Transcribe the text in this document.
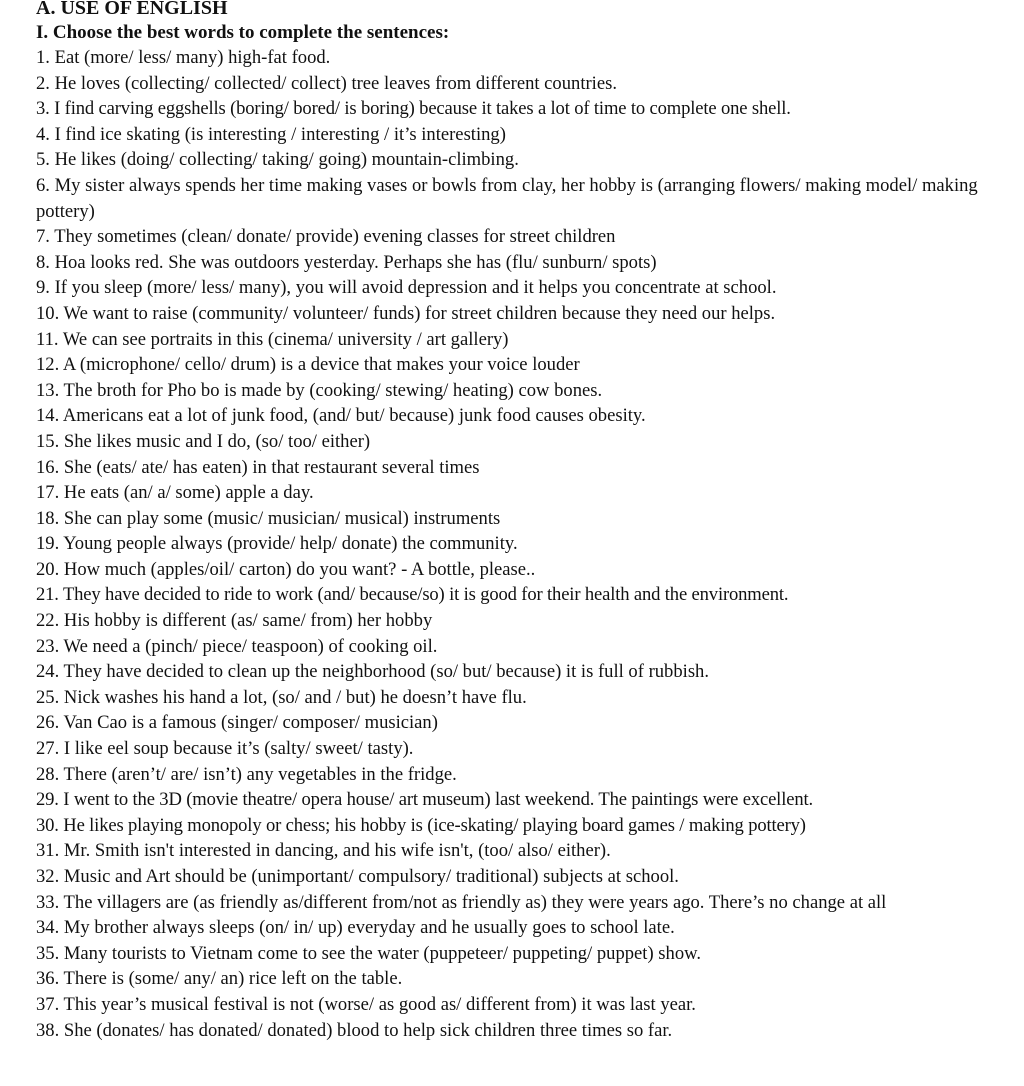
A. USE OF ENGLISH
I. Choose the best words to complete the sentences:
1. Eat (more/ less/ many) high-fat food.
2. He loves (collecting/ collected/ collect) tree leaves from different countries.
3. I find carving eggshells (boring/ bored/ is boring) because it takes a lot of time to complete one shell.
4. I find ice skating (is interesting / interesting / it’s interesting)
5. He likes (doing/ collecting/ taking/ going) mountain-climbing.
6. My sister always spends her time making vases or bowls from clay, her hobby is (arranging flowers/ making model/ making pottery)
7. They sometimes (clean/ donate/ provide) evening classes for street children
8. Hoa looks red. She was outdoors yesterday. Perhaps she has (flu/ sunburn/ spots)
9. If you sleep (more/ less/ many), you will avoid depression and it helps you concentrate at school.
10. We want to raise (community/ volunteer/ funds) for street children because they need our helps.
11. We can see portraits in this (cinema/ university / art gallery)
12. A (microphone/ cello/ drum) is a device that makes your voice louder
13. The broth for Pho bo is made by (cooking/ stewing/ heating) cow bones.
14. Americans eat a lot of junk food, (and/ but/ because) junk food causes obesity.
15. She likes music and I do, (so/ too/ either)
16. She (eats/ ate/ has eaten) in that restaurant several times
17. He eats (an/ a/ some) apple a day.
18. She can play some (music/ musician/ musical) instruments
19. Young people always (provide/ help/ donate) the community.
20. How much (apples/oil/ carton) do you want? - A bottle, please..
21. They have decided to ride to work (and/ because/so) it is good for their health and the environment.
22. His hobby is different (as/ same/ from) her hobby
23. We need a (pinch/ piece/ teaspoon) of cooking oil.
24. They have decided to clean up the neighborhood (so/ but/ because) it is full of rubbish.
25. Nick washes his hand a lot, (so/ and / but) he doesn’t have flu.
26. Van Cao is a famous (singer/ composer/ musician)
27. I like eel soup because it’s (salty/ sweet/ tasty).
28. There (aren’t/ are/ isn’t) any vegetables in the fridge.
29. I went to the 3D (movie theatre/ opera house/ art museum) last weekend. The paintings were excellent.
30. He likes playing monopoly or chess; his hobby is (ice-skating/ playing board games / making pottery)
31. Mr. Smith isn't interested in dancing, and his wife isn't, (too/ also/ either).
32. Music and Art should be (unimportant/ compulsory/ traditional) subjects at school.
33. The villagers are (as friendly as/different from/not as friendly as) they were years ago. There’s no change at all
34. My brother always sleeps (on/ in/ up) everyday and he usually goes to school late.
35. Many tourists to Vietnam come to see the water (puppeteer/ puppeting/ puppet) show.
36. There is (some/ any/ an) rice left on the table.
37. This year’s musical festival is not (worse/ as good as/ different from) it was last year.
38. She (donates/ has donated/ donated) blood to help sick children three times so far.
